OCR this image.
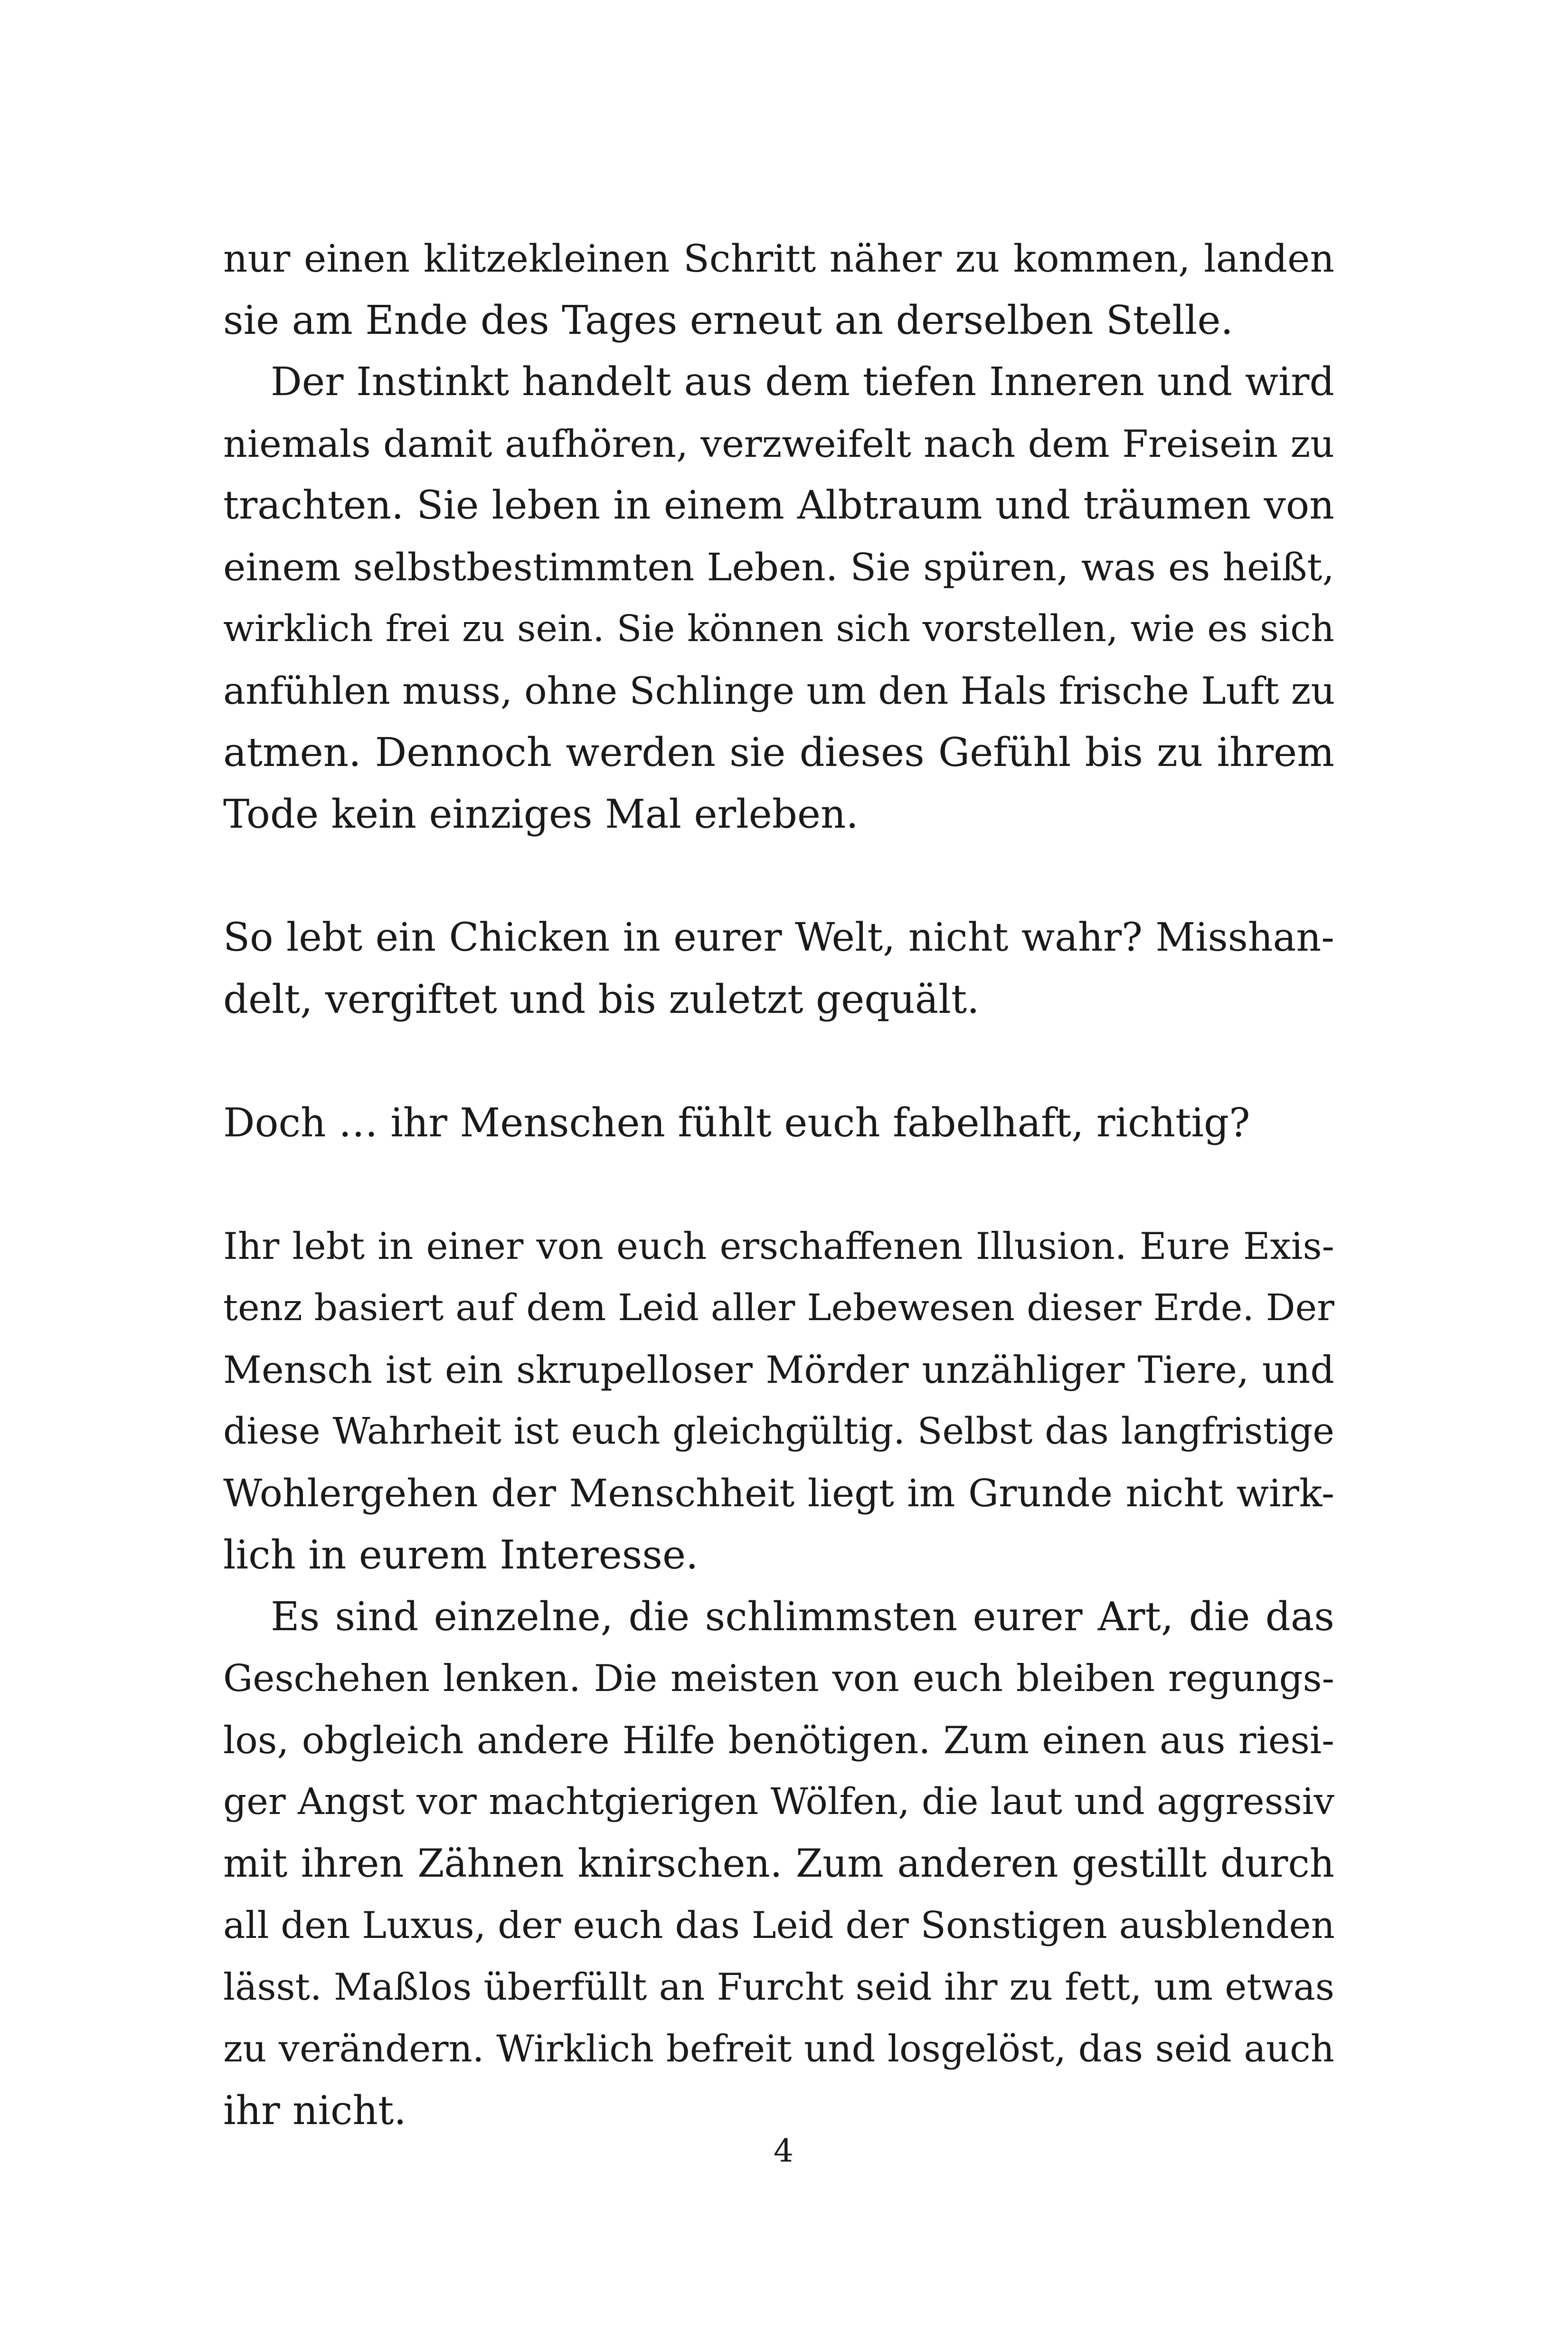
nur einen klitzekleinen Schritt näher zu kommen, landen
sie am Ende des Tages erneut an derselben Stelle.
Der Instinkt handelt aus dem tiefen Inneren und wird
niemals damit aufhören, verzweifelt nach dem Freisein zu
trachten. Sie leben in einem Albtraum und träumen von
einem selbstbestimmten Leben. Sie spüren, was es heißt,
wirklich frei zu sein. Sie können sich vorstellen, wie es sich
anfühlen muss, ohne Schlinge um den Hals frische Luft zu
atmen. Dennoch werden sie dieses Gefühl bis zu ihrem
Tode kein einziges Mal erleben.
So lebt ein Chicken in eurer Welt, nicht wahr? Misshan-
delt, vergiftet und bis zuletzt gequält.
Doch … ihr Menschen fühlt euch fabelhaft, richtig?
Ihr lebt in einer von euch erschaffenen Illusion. Eure Exis-
tenz basiert auf dem Leid aller Lebewesen dieser Erde. Der
Mensch ist ein skrupelloser Mörder unzähliger Tiere, und
diese Wahrheit ist euch gleichgültig. Selbst das langfristige
Wohlergehen der Menschheit liegt im Grunde nicht wirk-
lich in eurem Interesse.
Es sind einzelne, die schlimmsten eurer Art, die das
Geschehen lenken. Die meisten von euch bleiben regungs-
los, obgleich andere Hilfe benötigen. Zum einen aus riesi-
ger Angst vor machtgierigen Wölfen, die laut und aggressiv
mit ihren Zähnen knirschen. Zum anderen gestillt durch
all den Luxus, der euch das Leid der Sonstigen ausblenden
lässt. Maßlos überfüllt an Furcht seid ihr zu fett, um etwas
zu verändern. Wirklich befreit und losgelöst, das seid auch
ihr nicht.
4
